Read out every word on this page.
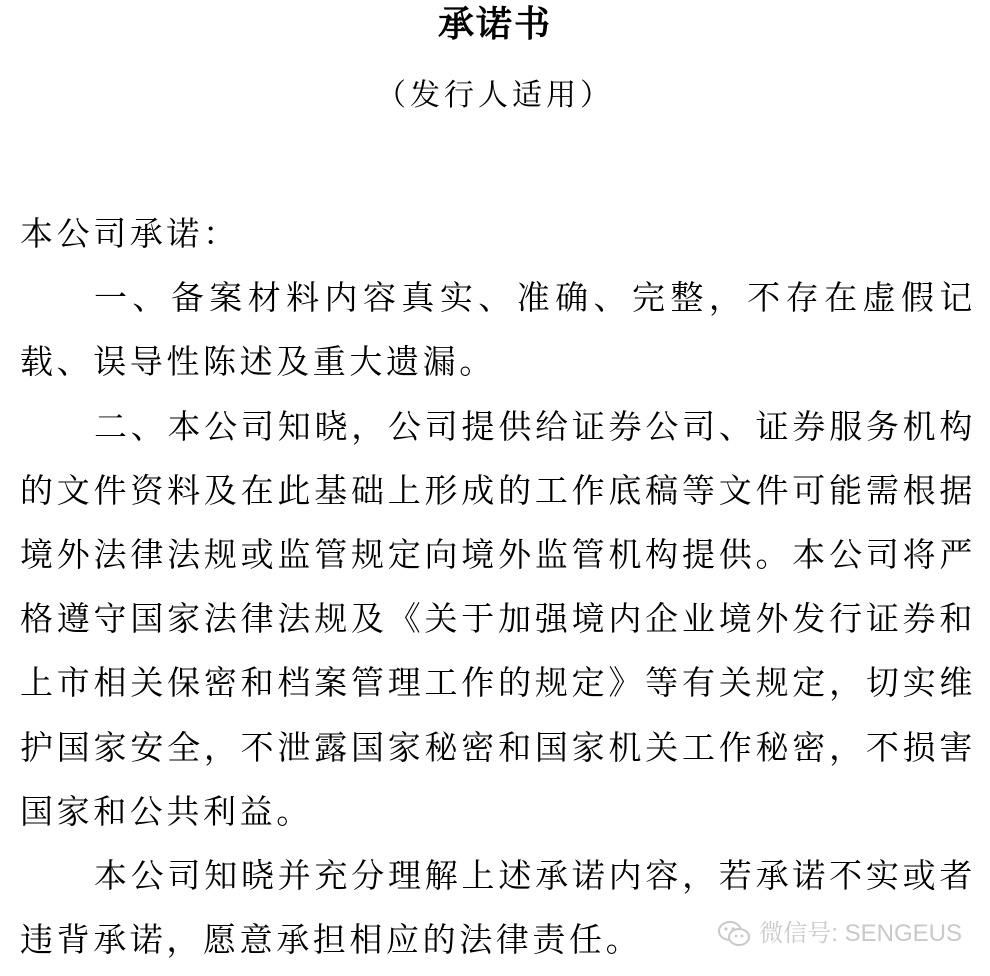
承诺书
（发行人适用）

本公司承诺：

一、备案材料内容真实、准确、完整，不存在虚假记载、误导性陈述及重大遗漏。

二、本公司知晓，公司提供给证券公司、证券服务机构的文件资料及在此基础上形成的工作底稿等文件可能需根据境外法律法规或监管规定向境外监管机构提供。本公司将严格遵守国家法律法规及《关于加强境内企业境外发行证券和上市相关保密和档案管理工作的规定》等有关规定，切实维护国家安全，不泄露国家秘密和国家机关工作秘密，不损害国家和公共利益。

本公司知晓并充分理解上述承诺内容，若承诺不实或者违背承诺，愿意承担相应的法律责任。	微信号: SENGEUS
